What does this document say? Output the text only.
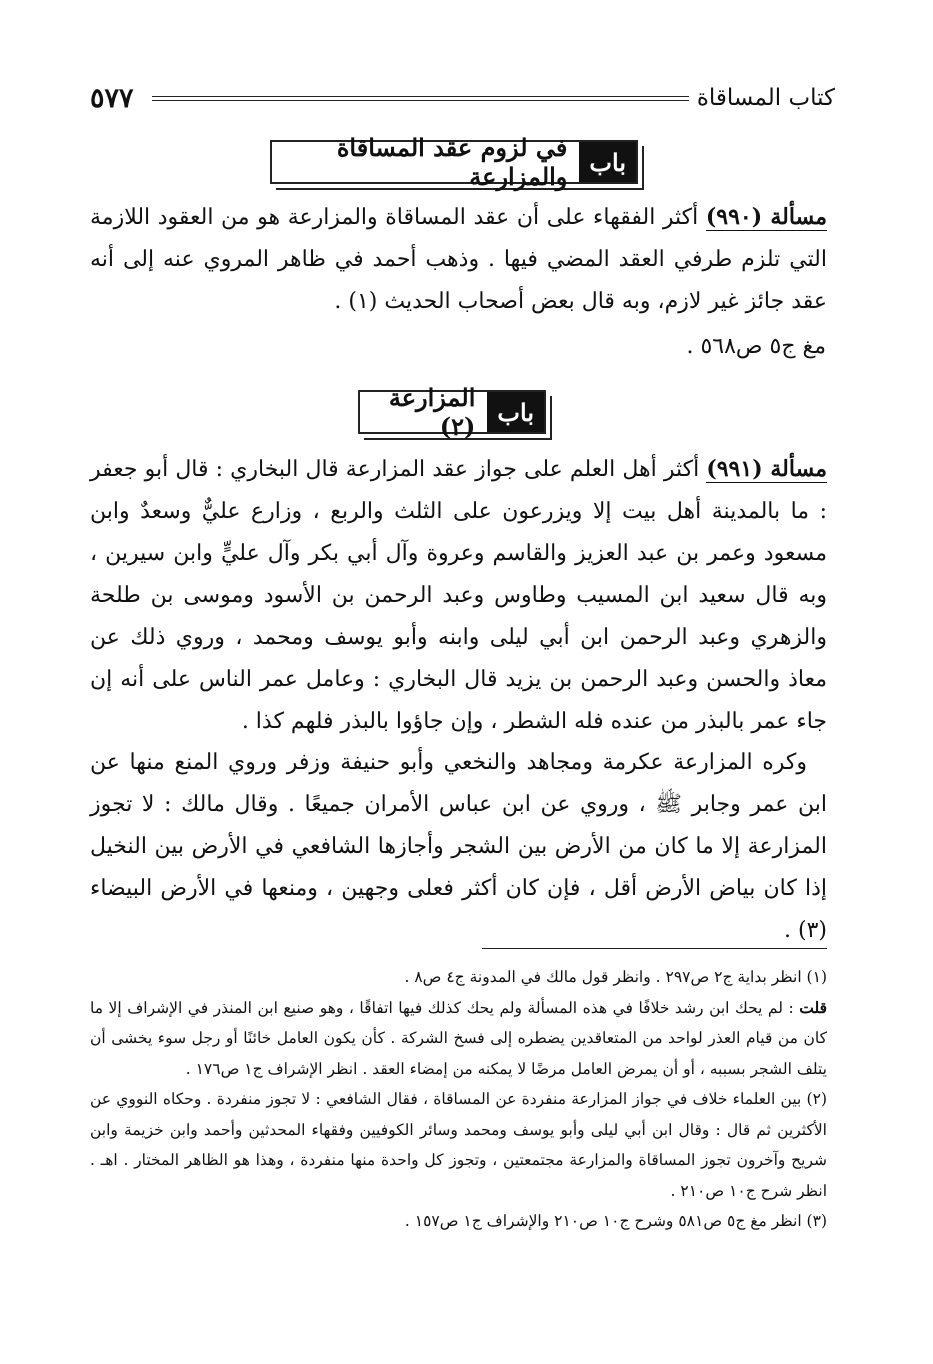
٥٧٧	كتاب المساقاة
باب
في لزوم عقد المساقاة والمزارعة
مسألة (٩٩٠) أكثر الفقهاء على أن عقد المساقاة والمزارعة هو من العقود اللازمة التي تلزم طرفي العقد المضي فيها . وذهب أحمد في ظاهر المروي عنه إلى أنه عقد جائز غير لازم، وبه قال بعض أصحاب الحديث (١) .
مغ ج٥ ص٥٦٨ .
باب
المزارعة (٢)
مسألة (٩٩١) أكثر أهل العلم على جواز عقد المزارعة قال البخاري : قال أبو جعفر : ما بالمدينة أهل بيت إلا ويزرعون على الثلث والربع ، وزارع عليٌّ وسعدٌ وابن مسعود وعمر بن عبد العزيز والقاسم وعروة وآل أبي بكر وآل عليٍّ وابن سيرين ، وبه قال سعيد ابن المسيب وطاوس وعبد الرحمن بن الأسود وموسى بن طلحة والزهري وعبد الرحمن ابن أبي ليلى وابنه وأبو يوسف ومحمد ، وروي ذلك عن معاذ والحسن وعبد الرحمن بن يزيد قال البخاري : وعامل عمر الناس على أنه إن جاء عمر بالبذر من عنده فله الشطر ، وإن جاؤوا بالبذر فلهم كذا .
وكره المزارعة عكرمة ومجاهد والنخعي وأبو حنيفة وزفر وروي المنع منها عن ابن عمر وجابر ﷺ ، وروي عن ابن عباس الأمران جميعًا . وقال مالك : لا تجوز المزارعة إلا ما كان من الأرض بين الشجر وأجازها الشافعي في الأرض بين النخيل إذا كان بياض الأرض أقل ، فإن كان أكثر فعلى وجهين ، ومنعها في الأرض البيضاء (٣) .

(١) انظر بداية ج٢ ص٢٩٧ . وانظر قول مالك في المدونة ج٤ ص٨ .

قلت : لم يحك ابن رشد خلافًا في هذه المسألة ولم يحك كذلك فيها اتفاقًا ، وهو صنيع ابن المنذر في الإشراف إلا ما كان من قيام العذر لواحد من المتعاقدين يضطره إلى فسخ الشركة . كأن يكون العامل خائنًا أو رجل سوء يخشى أن يتلف الشجر بسببه ، أو أن يمرض العامل مرضًا لا يمكنه من إمضاء العقد . انظر الإشراف ج١ ص١٧٦ .

(٢) بين العلماء خلاف في جواز المزارعة منفردة عن المساقاة ، فقال الشافعي : لا تجوز منفردة . وحكاه النووي عن الأكثرين ثم قال : وقال ابن أبي ليلى وأبو يوسف ومحمد وسائر الكوفيين وفقهاء المحدثين وأحمد وابن خزيمة وابن شريح وآخرون تجوز المساقاة والمزارعة مجتمعتين ، وتجوز كل واحدة منها منفردة ، وهذا هو الظاهر المختار . اهـ . انظر شرح ج١٠ ص٢١٠ .

(٣) انظر مغ ج٥ ص٥٨١ وشرح ج١٠ ص٢١٠ والإشراف ج١ ص١٥٧ .
